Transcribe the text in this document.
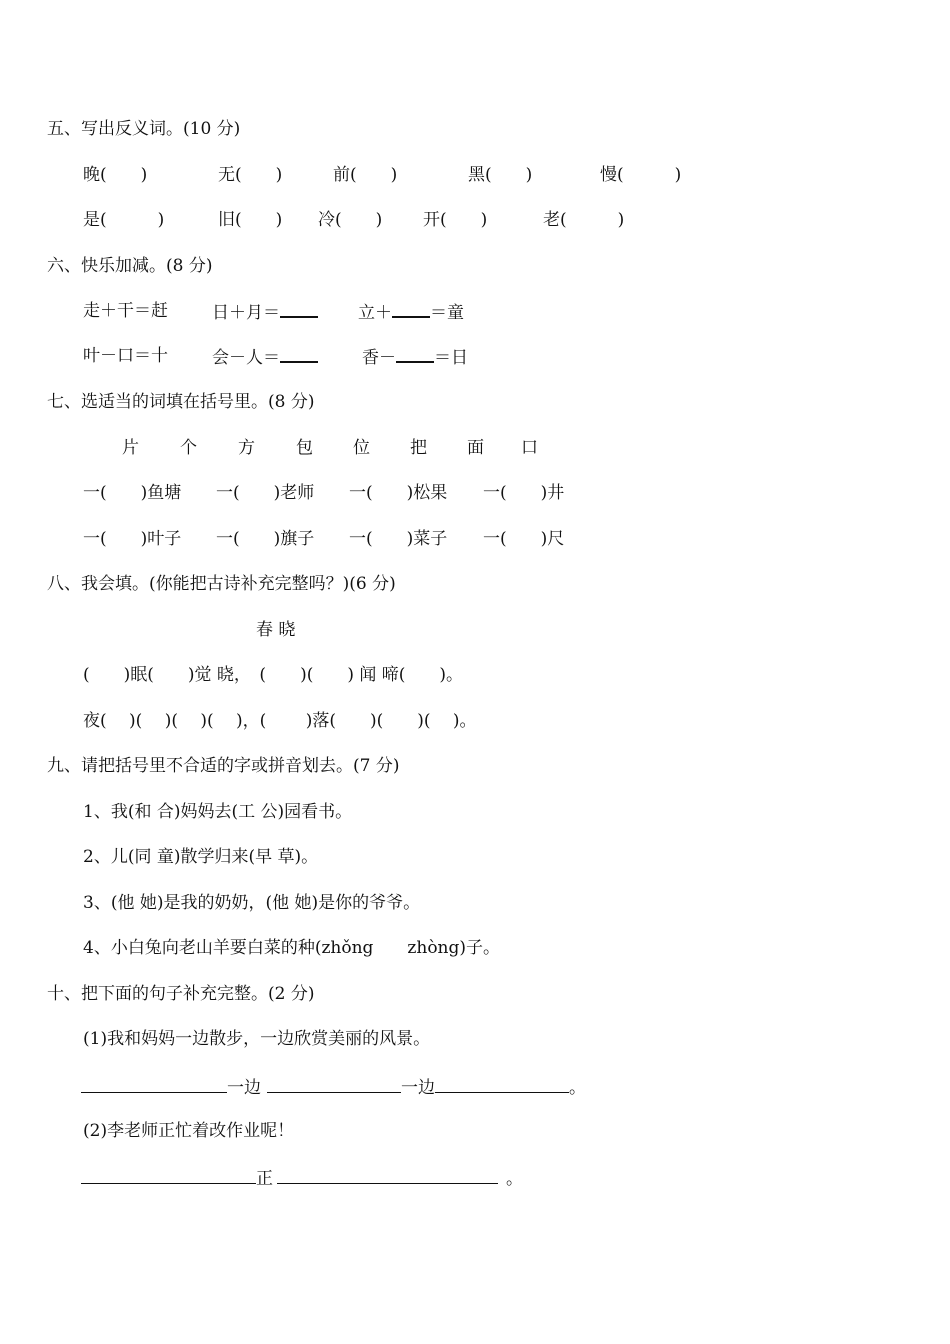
五、写出反义词。(10 分)
晚(　　)	无(　　)	前(　　)	黑(　　)	慢(　　　)
是(　　　)	旧(　　) 冷(　　) 开(　　)	老(　　　)
六、快乐加减。(8 分)
走＋干＝赶	日＋月＝	立＋ ＝童
叶－口＝十	会－人＝	香－ ＝日
七、选适当的词填在括号里。(8 分)
片 个 方 包 位 把 面 口
一(　　)鱼塘 一(　　)老师 一(　　)松果 一(　　)井
一(　　)叶子 一(　　)旗子 一(　　)菜子 一(　　)尺
八、我会填。(你能把古诗补充完整吗？)(6 分)
春 晓
(　　)眠(　　)觉 晓，　(　　)(　　) 闻 啼(　　)。
夜(　 )(　 )(　 )(　 )，(　　 )落(　　)(　　)(　 )。
九、请把括号里不合适的字或拼音划去。(7 分)
1、我(和 合)妈妈去(工 公)园看书。
2、儿(同 童)散学归来(早 草)。
3、(他 她)是我的奶奶，(他 她)是你的爷爷。
4、小白兔向老山羊要白菜的种(zhǒng　　zhòng)子。
十、把下面的句子补充完整。(2 分)
(1)我和妈妈一边散步，一边欣赏美丽的风景。
一边	一边	。
(2)李老师正忙着改作业呢！
正	。
